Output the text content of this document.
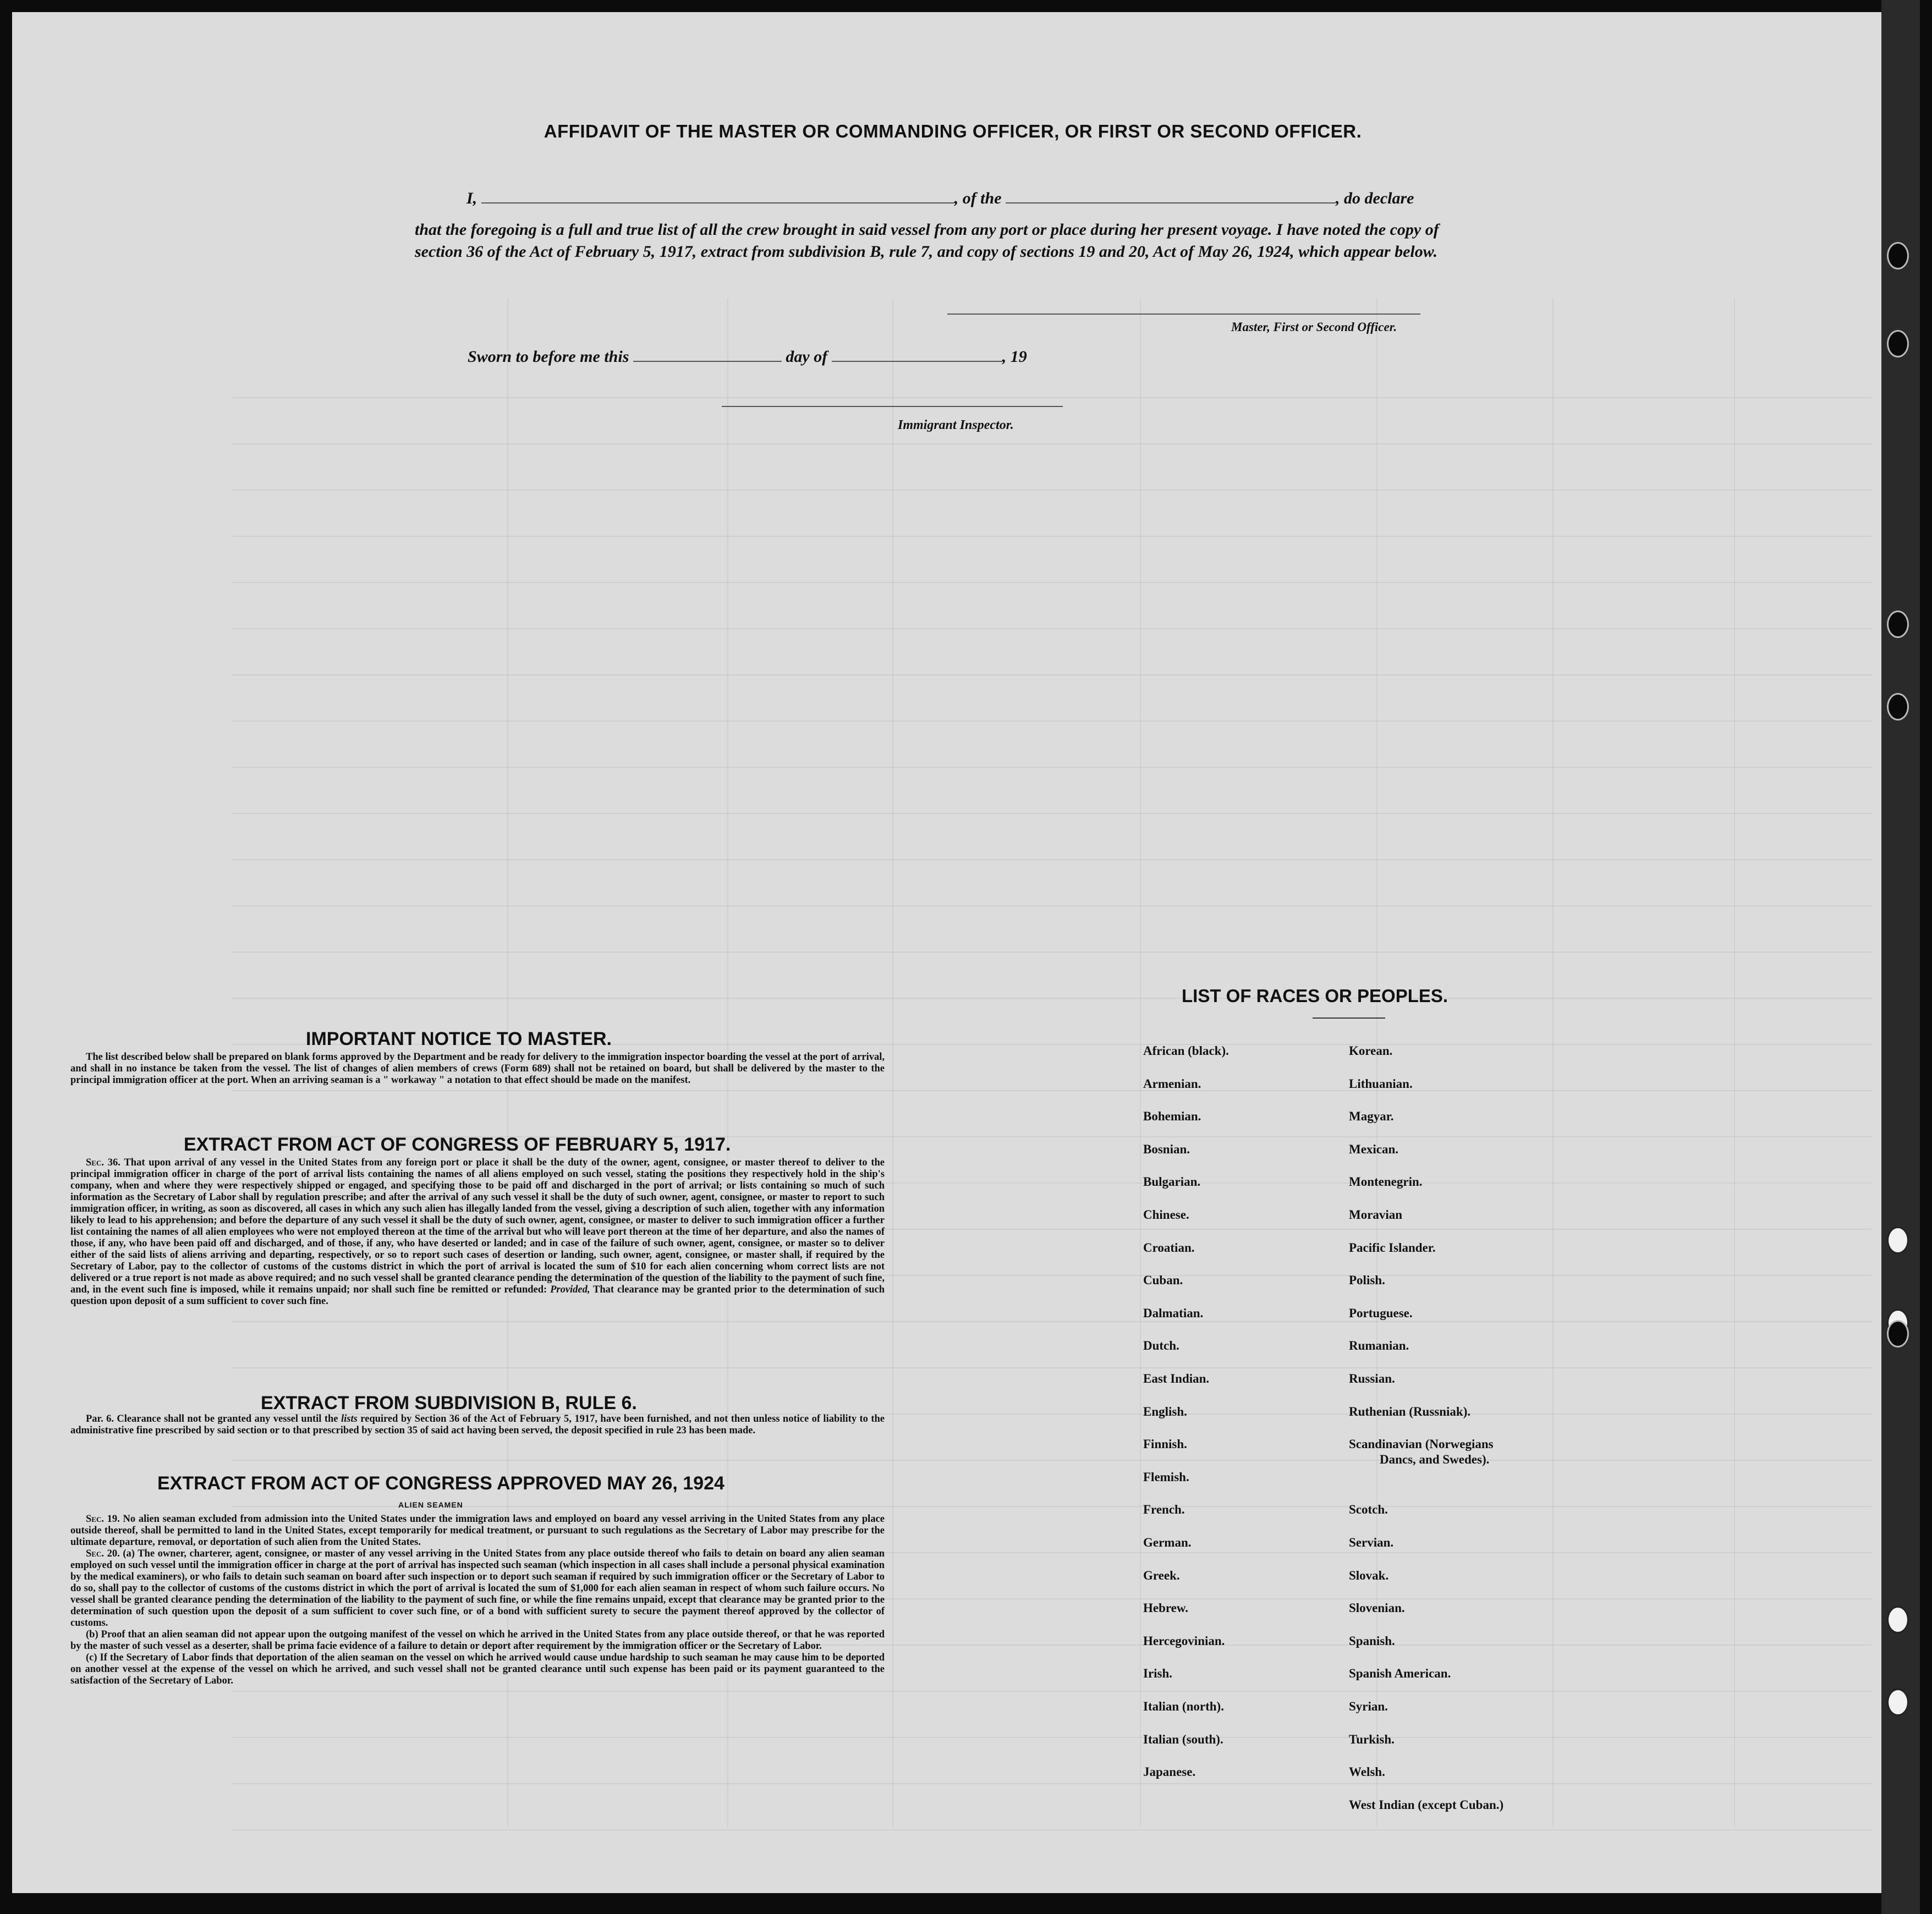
AFFIDAVIT OF THE MASTER OR COMMANDING OFFICER, OR FIRST OR SECOND OFFICER.
I,	, of the	, do declare
that the foregoing is a full and true list of all the crew brought in said vessel from any port or place during her present voyage. I have noted the copy of section 36 of the Act of February 5, 1917, extract from subdivision B, rule 7, and copy of sections 19 and 20, Act of May 26, 1924, which appear below.
Master, First or Second Officer.
Sworn to before me this	day of	, 19
Immigrant Inspector.
IMPORTANT NOTICE TO MASTER.

The list described below shall be prepared on blank forms approved by the Department and be ready for delivery to the immigration inspector boarding the vessel at the port of arrival, and shall in no instance be taken from the vessel. The list of changes of alien members of crews (Form 689) shall not be retained on board, but shall be delivered by the master to the principal immigration officer at the port. When an arriving seaman is a " workaway " a notation to that effect should be made on the manifest.

EXTRACT FROM ACT OF CONGRESS OF FEBRUARY 5, 1917.

Sec. 36. That upon arrival of any vessel in the United States from any foreign port or place it shall be the duty of the owner, agent, consignee, or master thereof to deliver to the principal immigration officer in charge of the port of arrival lists containing the names of all aliens employed on such vessel, stating the positions they respectively hold in the ship's company, when and where they were respectively shipped or engaged, and specifying those to be paid off and discharged in the port of arrival; or lists containing so much of such information as the Secretary of Labor shall by regulation prescribe; and after the arrival of any such vessel it shall be the duty of such owner, agent, consignee, or master to report to such immigration officer, in writing, as soon as discovered, all cases in which any such alien has illegally landed from the vessel, giving a description of such alien, together with any information likely to lead to his apprehension; and before the departure of any such vessel it shall be the duty of such owner, agent, consignee, or master to deliver to such immigration officer a further list containing the names of all alien employees who were not employed thereon at the time of the arrival but who will leave port thereon at the time of her departure, and also the names of those, if any, who have been paid off and discharged, and of those, if any, who have deserted or landed; and in case of the failure of such owner, agent, consignee, or master so to deliver either of the said lists of aliens arriving and departing, respectively, or so to report such cases of desertion or landing, such owner, agent, consignee, or master shall, if required by the Secretary of Labor, pay to the collector of customs of the customs district in which the port of arrival is located the sum of $10 for each alien concerning whom correct lists are not delivered or a true report is not made as above required; and no such vessel shall be granted clearance pending the determination of the question of the liability to the payment of such fine, and, in the event such fine is imposed, while it remains unpaid; nor shall such fine be remitted or refunded: Provided, That clearance may be granted prior to the determination of such question upon deposit of a sum sufficient to cover such fine.

EXTRACT FROM SUBDIVISION B, RULE 6.

Par. 6. Clearance shall not be granted any vessel until the lists required by Section 36 of the Act of February 5, 1917, have been furnished, and not then unless notice of liability to the administrative fine prescribed by said section or to that prescribed by section 35 of said act having been served, the deposit specified in rule 23 has been made.

EXTRACT FROM ACT OF CONGRESS APPROVED MAY 26, 1924
ALIEN SEAMEN

Sec. 19. No alien seaman excluded from admission into the United States under the immigration laws and employed on board any vessel arriving in the United States from any place outside thereof, shall be permitted to land in the United States, except temporarily for medical treatment, or pursuant to such regulations as the Secretary of Labor may prescribe for the ultimate departure, removal, or deportation of such alien from the United States.

Sec. 20. (a) The owner, charterer, agent, consignee, or master of any vessel arriving in the United States from any place outside thereof who fails to detain on board any alien seaman employed on such vessel until the immigration officer in charge at the port of arrival has inspected such seaman (which inspection in all cases shall include a personal physical examination by the medical examiners), or who fails to detain such seaman on board after such inspection or to deport such seaman if required by such immigration officer or the Secretary of Labor to do so, shall pay to the collector of customs of the customs district in which the port of arrival is located the sum of $1,000 for each alien seaman in respect of whom such failure occurs. No vessel shall be granted clearance pending the determination of the liability to the payment of such fine, or while the fine remains unpaid, except that clearance may be granted prior to the determination of such question upon the deposit of a sum sufficient to cover such fine, or of a bond with sufficient surety to secure the payment thereof approved by the collector of customs.

(b) Proof that an alien seaman did not appear upon the outgoing manifest of the vessel on which he arrived in the United States from any place outside thereof, or that he was reported by the master of such vessel as a deserter, shall be prima facie evidence of a failure to detain or deport after requirement by the immigration officer or the Secretary of Labor.

(c) If the Secretary of Labor finds that deportation of the alien seaman on the vessel on which he arrived would cause undue hardship to such seaman he may cause him to be deported on another vessel at the expense of the vessel on which he arrived, and such vessel shall not be granted clearance until such expense has been paid or its payment guaranteed to the satisfaction of the Secretary of Labor.

LIST OF RACES OR PEOPLES.
African (black).
Armenian.
Bohemian.
Bosnian.
Bulgarian.
Chinese.
Croatian.
Cuban.
Dalmatian.
Dutch.
East Indian.
English.
Finnish.
Flemish.
French.
German.
Greek.
Hebrew.
Hercegovinian.
Irish.
Italian (north).
Italian (south).
Japanese.
Korean.
Lithuanian.
Magyar.
Mexican.
Montenegrin.
Moravian
Pacific Islander.
Polish.
Portuguese.
Rumanian.
Russian.
Ruthenian (Russniak).
Scandinavian (Norwegians
Dancs, and Swedes).
Scotch.
Servian.
Slovak.
Slovenian.
Spanish.
Spanish American.
Syrian.
Turkish.
Welsh.
West Indian (except Cuban.)
